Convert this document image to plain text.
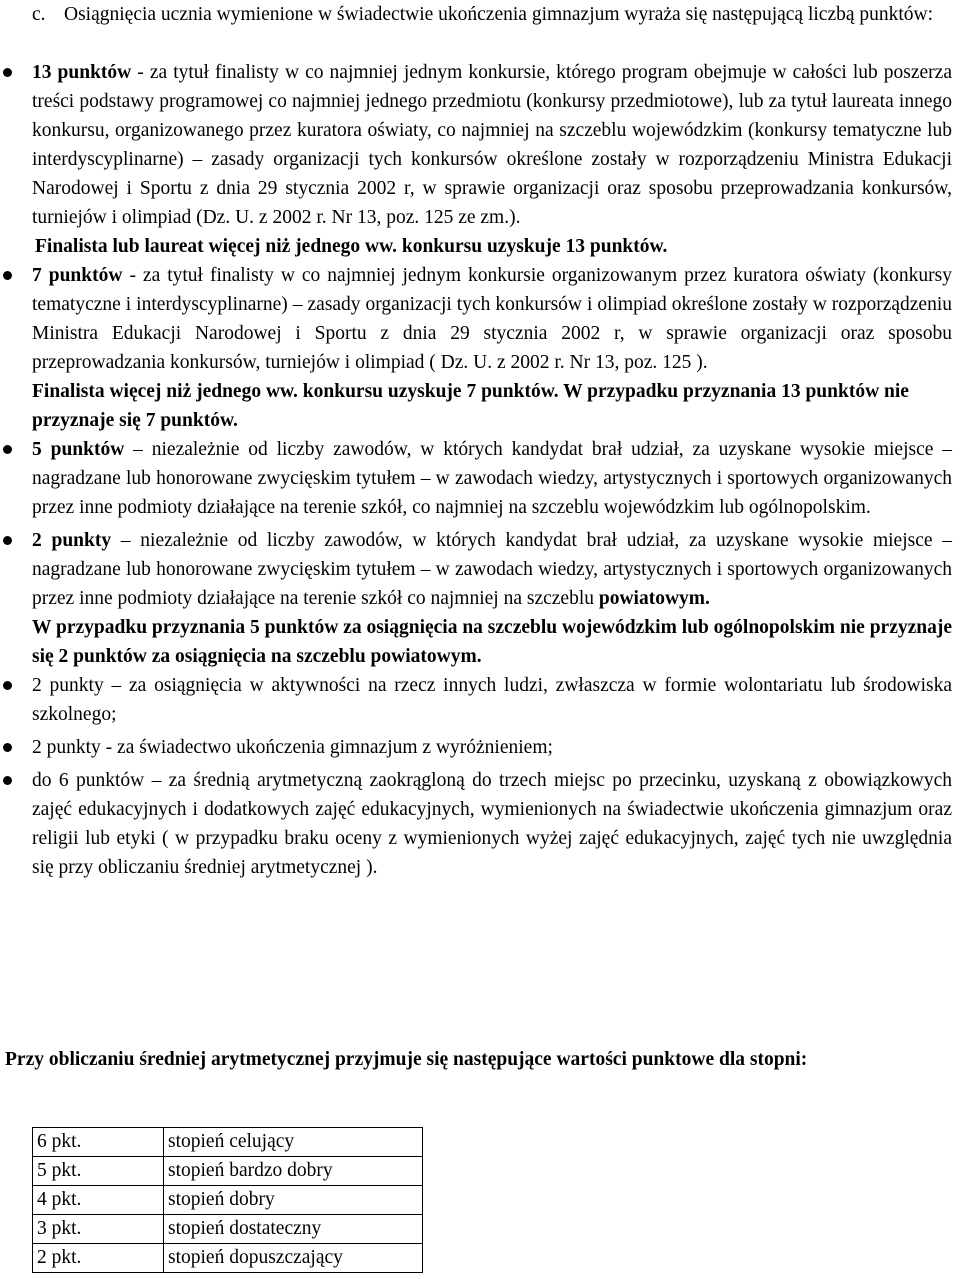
c. Osiągnięcia ucznia wymienione w świadectwie ukończenia gimnazjum wyraża się następującą liczbą punktów:
13 punktów - za tytuł finalisty w co najmniej jednym konkursie, którego program obejmuje w całości lub poszerza treści podstawy programowej co najmniej jednego przedmiotu (konkursy przedmiotowe), lub za tytuł laureata innego konkursu, organizowanego przez kuratora oświaty, co najmniej na szczeblu wojewódzkim (konkursy tematyczne lub interdyscyplinarne) – zasady organizacji tych konkursów określone zostały w rozporządzeniu Ministra Edukacji Narodowej i Sportu z dnia 29 stycznia 2002 r, w sprawie organizacji oraz sposobu przeprowadzania konkursów, turniejów i olimpiad (Dz. U. z 2002 r. Nr 13, poz. 125 ze zm.).
Finalista lub laureat więcej niż jednego ww. konkursu uzyskuje 13 punktów.
7 punktów - za tytuł finalisty w co najmniej jednym konkursie organizowanym przez kuratora oświaty (konkursy tematyczne i interdyscyplinarne) – zasady organizacji tych konkursów i olimpiad określone zostały w rozporządzeniu Ministra Edukacji Narodowej i Sportu z dnia 29 stycznia 2002 r, w sprawie organizacji oraz sposobu przeprowadzania konkursów, turniejów i olimpiad ( Dz. U. z 2002 r. Nr 13, poz. 125 ).
Finalista więcej niż jednego ww. konkursu uzyskuje 7 punktów. W przypadku przyznania 13 punktów nie przyznaje się 7 punktów.
5 punktów – niezależnie od liczby zawodów, w których kandydat brał udział, za uzyskane wysokie miejsce – nagradzane lub honorowane zwycięskim tytułem – w zawodach wiedzy, artystycznych i sportowych organizowanych przez inne podmioty działające na terenie szkół, co najmniej na szczeblu wojewódzkim lub ogólnopolskim.
2 punkty – niezależnie od liczby zawodów, w których kandydat brał udział, za uzyskane wysokie miejsce – nagradzane lub honorowane zwycięskim tytułem – w zawodach wiedzy, artystycznych i sportowych organizowanych przez inne podmioty działające na terenie szkół co najmniej na szczeblu powiatowym.
W przypadku przyznania 5 punktów za osiągnięcia na szczeblu wojewódzkim lub ogólnopolskim nie przyznaje się 2 punktów za osiągnięcia na szczeblu powiatowym.
2 punkty – za osiągnięcia w aktywności na rzecz innych ludzi, zwłaszcza w formie wolontariatu lub środowiska szkolnego;
2 punkty - za świadectwo ukończenia gimnazjum z wyróżnieniem;
do 6 punktów – za średnią arytmetyczną zaokrągloną do trzech miejsc po przecinku, uzyskaną z obowiązkowych zajęć edukacyjnych i dodatkowych zajęć edukacyjnych, wymienionych na świadectwie ukończenia gimnazjum oraz religii lub etyki ( w przypadku braku oceny z wymienionych wyżej zajęć edukacyjnych, zajęć tych nie uwzględnia się przy obliczaniu średniej arytmetycznej ).
Przy obliczaniu średniej arytmetycznej przyjmuje się następujące wartości punktowe dla stopni:
6 pkt.	stopień celujący
5 pkt.	stopień bardzo dobry
4 pkt.	stopień dobry
3 pkt.	stopień dostateczny
2 pkt.	stopień dopuszczający
